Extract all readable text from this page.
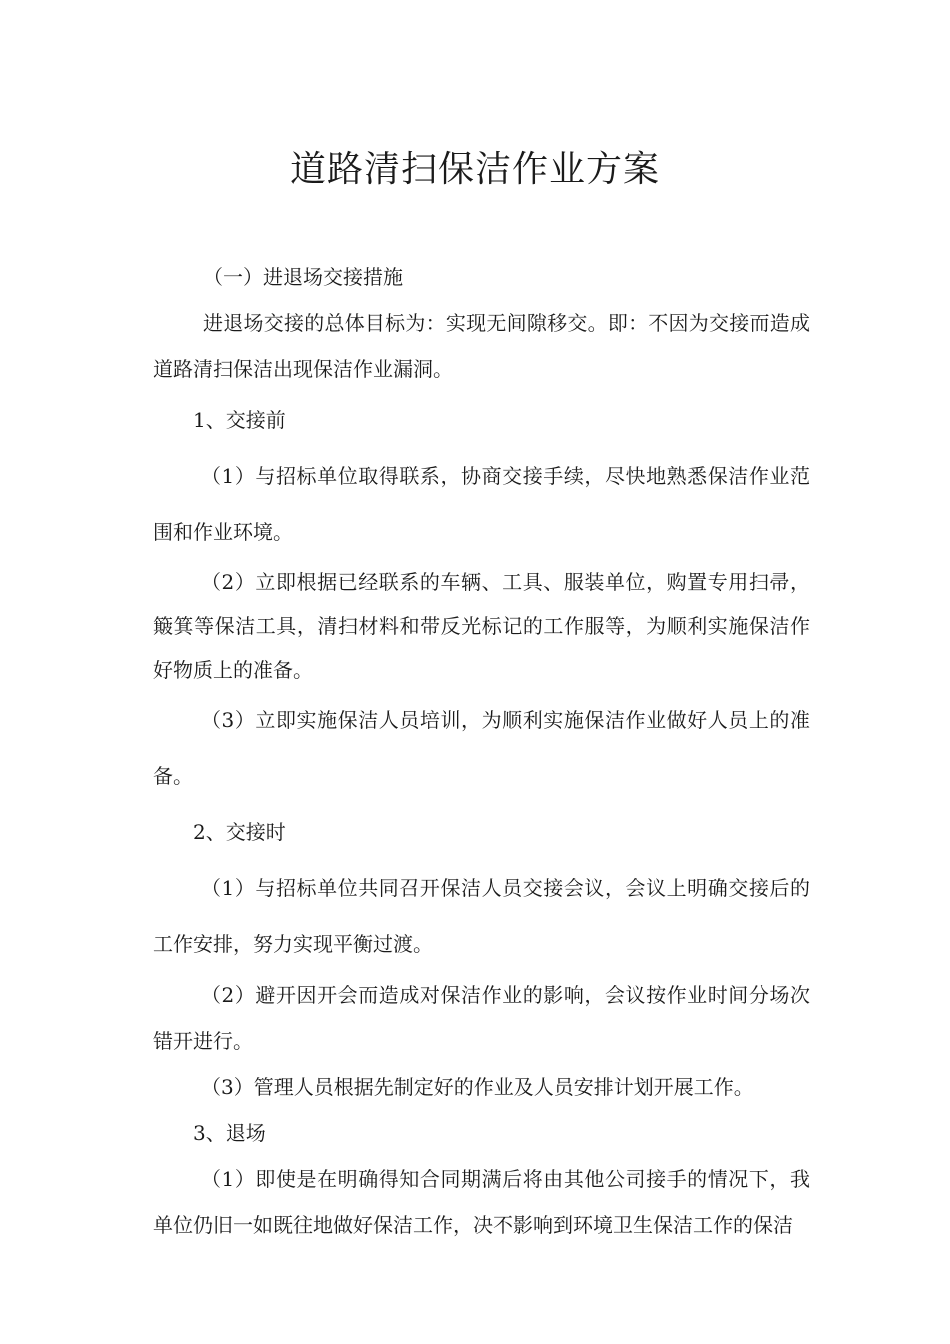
道路清扫保洁作业方案

（一）进退场交接措施

进退场交接的总体目标为：实现无间隙移交。即：不因为交接而造成道路清扫保洁出现保洁作业漏洞。

1、交接前

（1）与招标单位取得联系，协商交接手续，尽快地熟悉保洁作业范围和作业环境。

（2）立即根据已经联系的车辆、工具、服装单位，购置专用扫帚，簸箕等保洁工具，清扫材料和带反光标记的工作服等，为顺利实施保洁作好物质上的准备。

（3）立即实施保洁人员培训，为顺利实施保洁作业做好人员上的准备。

2、交接时

（1）与招标单位共同召开保洁人员交接会议，会议上明确交接后的工作安排，努力实现平衡过渡。

（2）避开因开会而造成对保洁作业的影响，会议按作业时间分场次错开进行。

（3）管理人员根据先制定好的作业及人员安排计划开展工作。

3、退场

（1）即使是在明确得知合同期满后将由其他公司接手的情况下，我单位仍旧一如既往地做好保洁工作，决不影响到环境卫生保洁工作的保洁
